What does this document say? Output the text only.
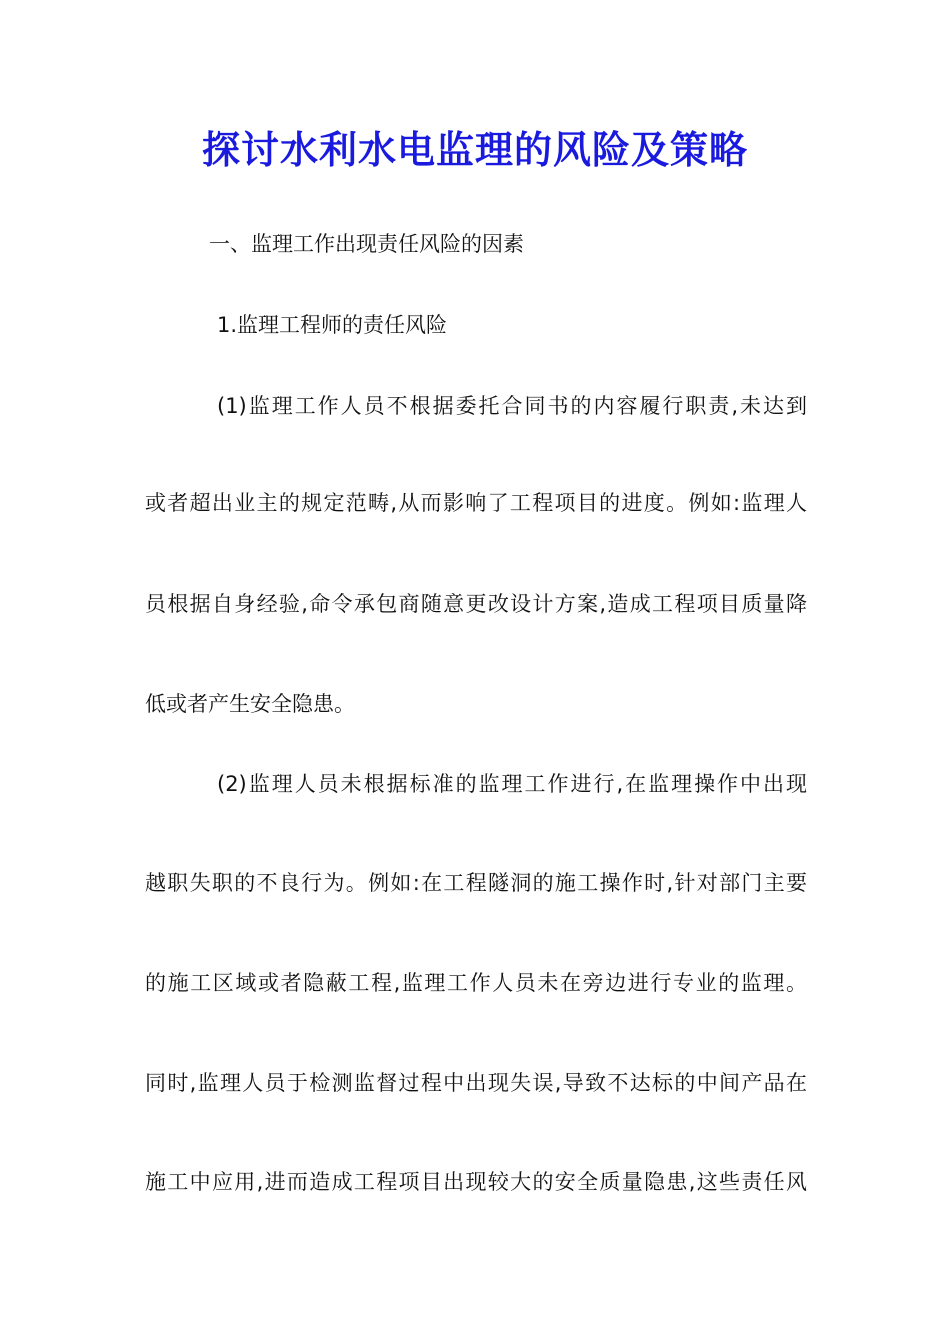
探讨水利水电监理的风险及策略
一、监理工作出现责任风险的因素
1.监理工程师的责任风险
(1)监理工作人员不根据委托合同书的内容履行职责,未达到
或者超出业主的规定范畴,从而影响了工程项目的进度。例如:监理人
员根据自身经验,命令承包商随意更改设计方案,造成工程项目质量降
低或者产生安全隐患。
(2)监理人员未根据标准的监理工作进行,在监理操作中出现
越职失职的不良行为。例如:在工程隧洞的施工操作时,针对部门主要
的施工区域或者隐蔽工程,监理工作人员未在旁边进行专业的监理。
同时,监理人员于检测监督过程中出现失误,导致不达标的中间产品在
施工中应用,进而造成工程项目出现较大的安全质量隐患,这些责任风
